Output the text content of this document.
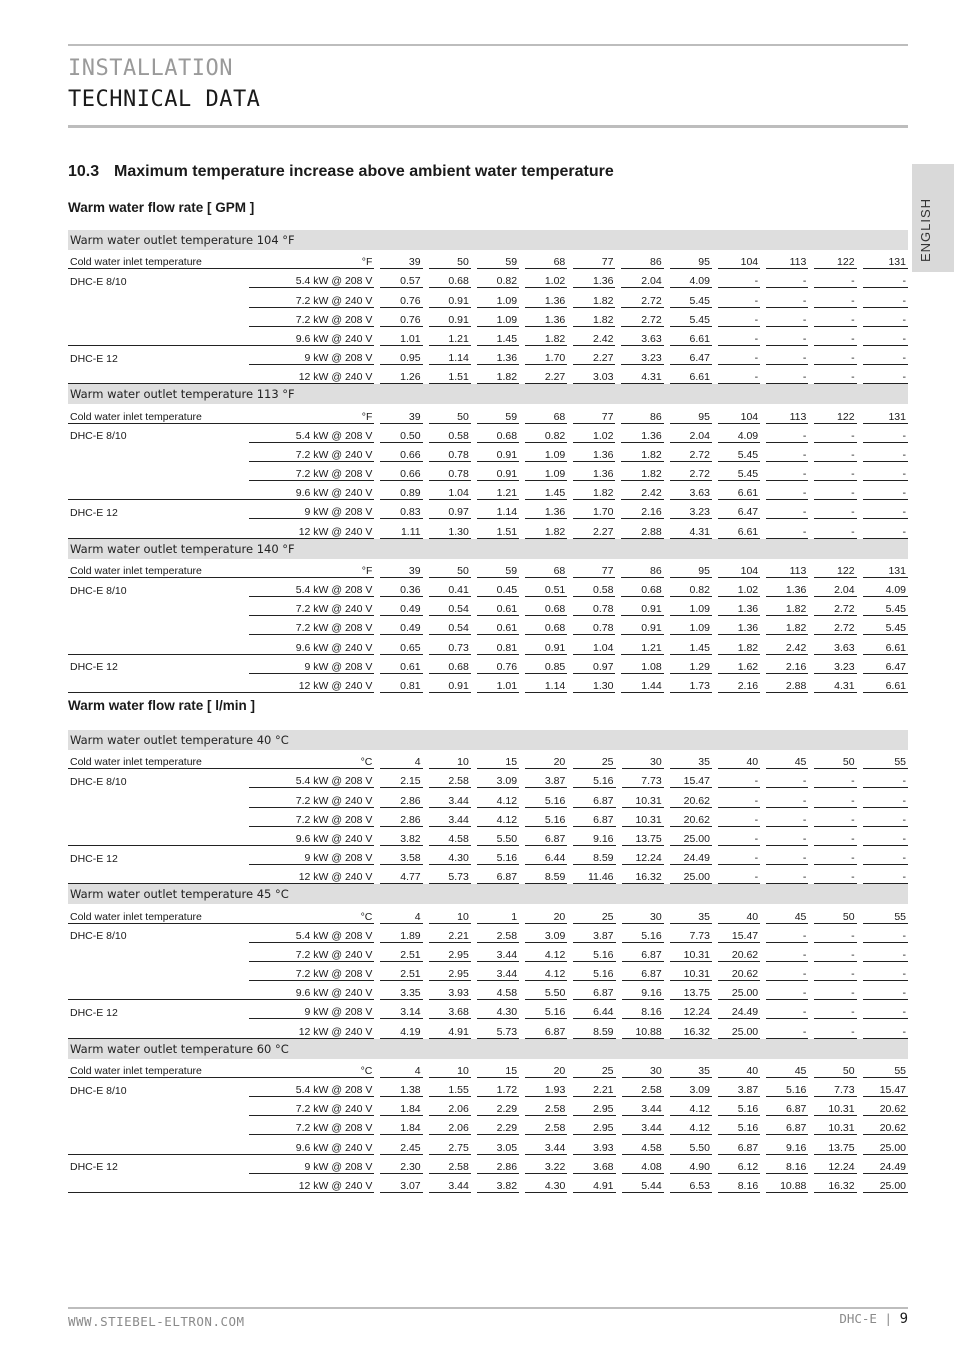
INSTALLATION
TECHNICAL DATA
ENGLISH
10.3 Maximum temperature increase above ambient water temperature
Warm water flow rate [ GPM ]
Warm water outlet temperature 104 °F												
Cold water inlet temperature	°F	39	50	59	68	77	86	95	104	113	122	131
DHC-E 8/10	5.4 kW @ 208 V	0.57	0.68	0.82	1.02	1.36	2.04	4.09	-	-	-	-
	7.2 kW @ 240 V	0.76	0.91	1.09	1.36	1.82	2.72	5.45	-	-	-	-
	7.2 kW @ 208 V	0.76	0.91	1.09	1.36	1.82	2.72	5.45	-	-	-	-
	9.6 kW @ 240 V	1.01	1.21	1.45	1.82	2.42	3.63	6.61	-	-	-	-
DHC-E 12	9 kW @ 208 V	0.95	1.14	1.36	1.70	2.27	3.23	6.47	-	-	-	-
	12 kW @ 240 V	1.26	1.51	1.82	2.27	3.03	4.31	6.61	-	-	-	-
Warm water outlet temperature 113 °F												
Cold water inlet temperature	°F	39	50	59	68	77	86	95	104	113	122	131
DHC-E 8/10	5.4 kW @ 208 V	0.50	0.58	0.68	0.82	1.02	1.36	2.04	4.09	-	-	-
	7.2 kW @ 240 V	0.66	0.78	0.91	1.09	1.36	1.82	2.72	5.45	-	-	-
	7.2 kW @ 208 V	0.66	0.78	0.91	1.09	1.36	1.82	2.72	5.45	-	-	-
	9.6 kW @ 240 V	0.89	1.04	1.21	1.45	1.82	2.42	3.63	6.61	-	-	-
DHC-E 12	9 kW @ 208 V	0.83	0.97	1.14	1.36	1.70	2.16	3.23	6.47	-	-	-
	12 kW @ 240 V	1.11	1.30	1.51	1.82	2.27	2.88	4.31	6.61	-	-	-
Warm water outlet temperature 140 °F												
Cold water inlet temperature	°F	39	50	59	68	77	86	95	104	113	122	131
DHC-E 8/10	5.4 kW @ 208 V	0.36	0.41	0.45	0.51	0.58	0.68	0.82	1.02	1.36	2.04	4.09
	7.2 kW @ 240 V	0.49	0.54	0.61	0.68	0.78	0.91	1.09	1.36	1.82	2.72	5.45
	7.2 kW @ 208 V	0.49	0.54	0.61	0.68	0.78	0.91	1.09	1.36	1.82	2.72	5.45
	9.6 kW @ 240 V	0.65	0.73	0.81	0.91	1.04	1.21	1.45	1.82	2.42	3.63	6.61
DHC-E 12	9 kW @ 208 V	0.61	0.68	0.76	0.85	0.97	1.08	1.29	1.62	2.16	3.23	6.47
	12 kW @ 240 V	0.81	0.91	1.01	1.14	1.30	1.44	1.73	2.16	2.88	4.31	6.61
Warm water flow rate [ l/min ]
Warm water outlet temperature 40 °C												
Cold water inlet temperature	°C	4	10	15	20	25	30	35	40	45	50	55
DHC-E 8/10	5.4 kW @ 208 V	2.15	2.58	3.09	3.87	5.16	7.73	15.47	-	-	-	-
	7.2 kW @ 240 V	2.86	3.44	4.12	5.16	6.87	10.31	20.62	-	-	-	-
	7.2 kW @ 208 V	2.86	3.44	4.12	5.16	6.87	10.31	20.62	-	-	-	-
	9.6 kW @ 240 V	3.82	4.58	5.50	6.87	9.16	13.75	25.00	-	-	-	-
DHC-E 12	9 kW @ 208 V	3.58	4.30	5.16	6.44	8.59	12.24	24.49	-	-	-	-
	12 kW @ 240 V	4.77	5.73	6.87	8.59	11.46	16.32	25.00	-	-	-	-
Warm water outlet temperature 45 °C												
Cold water inlet temperature	°C	4	10	1	20	25	30	35	40	45	50	55
DHC-E 8/10	5.4 kW @ 208 V	1.89	2.21	2.58	3.09	3.87	5.16	7.73	15.47	-	-	-
	7.2 kW @ 240 V	2.51	2.95	3.44	4.12	5.16	6.87	10.31	20.62	-	-	-
	7.2 kW @ 208 V	2.51	2.95	3.44	4.12	5.16	6.87	10.31	20.62	-	-	-
	9.6 kW @ 240 V	3.35	3.93	4.58	5.50	6.87	9.16	13.75	25.00	-	-	-
DHC-E 12	9 kW @ 208 V	3.14	3.68	4.30	5.16	6.44	8.16	12.24	24.49	-	-	-
	12 kW @ 240 V	4.19	4.91	5.73	6.87	8.59	10.88	16.32	25.00	-	-	-
Warm water outlet temperature 60 °C												
Cold water inlet temperature	°C	4	10	15	20	25	30	35	40	45	50	55
DHC-E 8/10	5.4 kW @ 208 V	1.38	1.55	1.72	1.93	2.21	2.58	3.09	3.87	5.16	7.73	15.47
	7.2 kW @ 240 V	1.84	2.06	2.29	2.58	2.95	3.44	4.12	5.16	6.87	10.31	20.62
	7.2 kW @ 208 V	1.84	2.06	2.29	2.58	2.95	3.44	4.12	5.16	6.87	10.31	20.62
	9.6 kW @ 240 V	2.45	2.75	3.05	3.44	3.93	4.58	5.50	6.87	9.16	13.75	25.00
DHC-E 12	9 kW @ 208 V	2.30	2.58	2.86	3.22	3.68	4.08	4.90	6.12	8.16	12.24	24.49
	12 kW @ 240 V	3.07	3.44	3.82	4.30	4.91	5.44	6.53	8.16	10.88	16.32	25.00
WWW.STIEBEL-ELTRON.COM	DHC-E | 9
